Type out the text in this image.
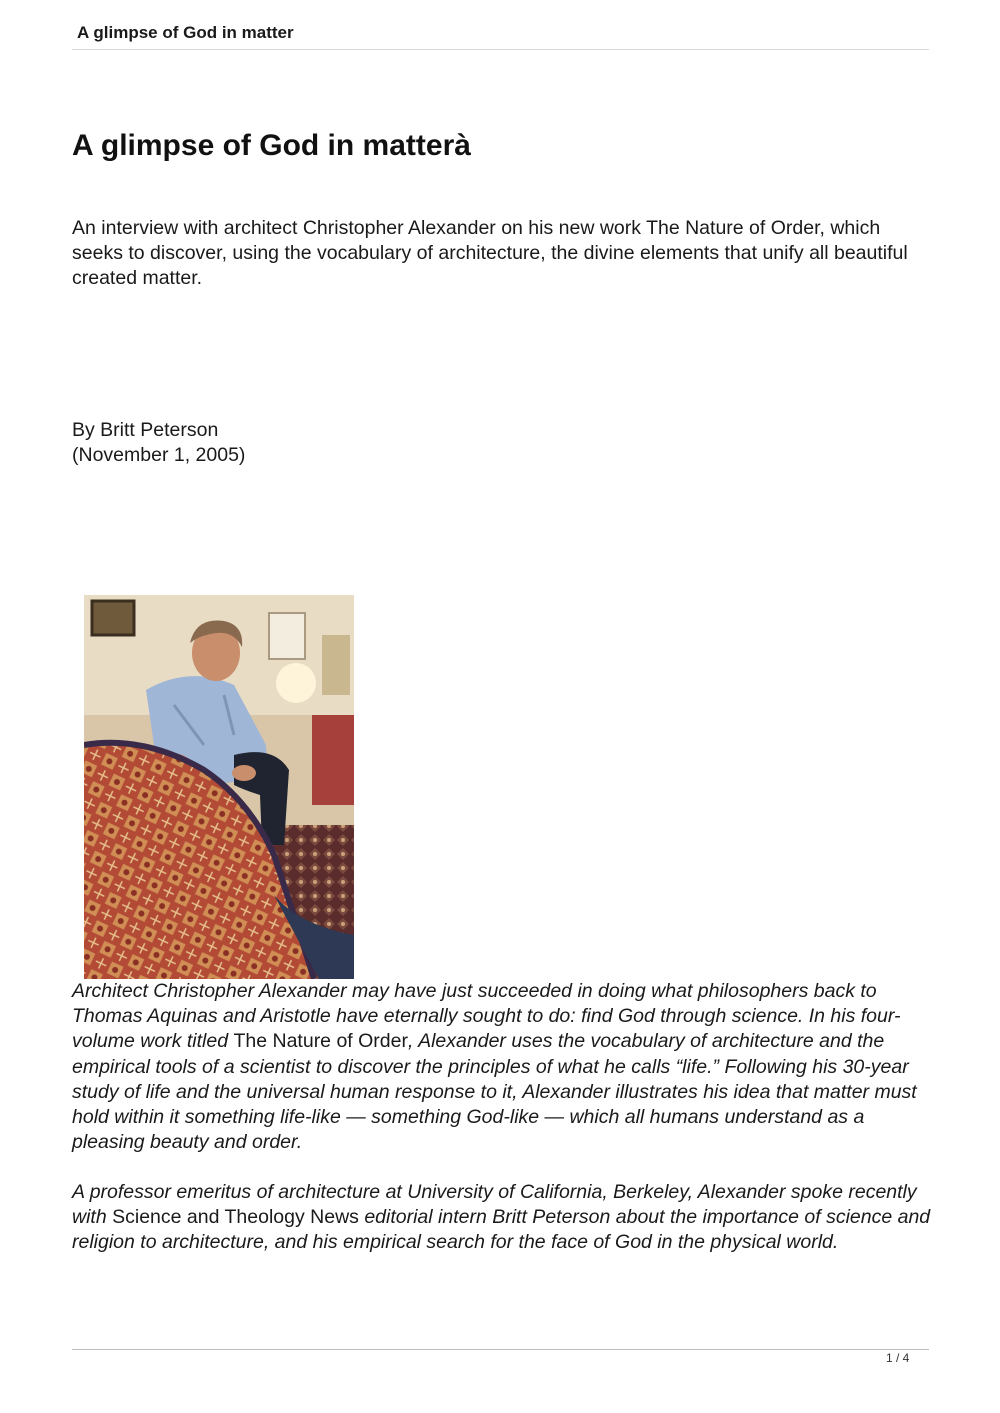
A glimpse of God in matter
A glimpse of God in matterà

An interview with architect Christopher Alexander on his new work The Nature of Order, which seeks to discover, using the vocabulary of architecture, the divine elements that unify all beautiful created matter.

By Britt Peterson
(November 1, 2005)

Architect Christopher Alexander may have just succeeded in doing what philosophers back to Thomas Aquinas and Aristotle have eternally sought to do: find God through science. In his four-volume work titled The Nature of Order, Alexander uses the vocabulary of architecture and the empirical tools of a scientist to discover the principles of what he calls “life.” Following his 30-year study of life and the universal human response to it, Alexander illustrates his idea that matter must hold within it something life-like — something God-like — which all humans understand as a pleasing beauty and order.

A professor emeritus of architecture at University of California, Berkeley, Alexander spoke recently with Science and Theology News editorial intern Britt Peterson about the importance of science and religion to architecture, and his empirical search for the face of God in the physical world.

1 / 4
